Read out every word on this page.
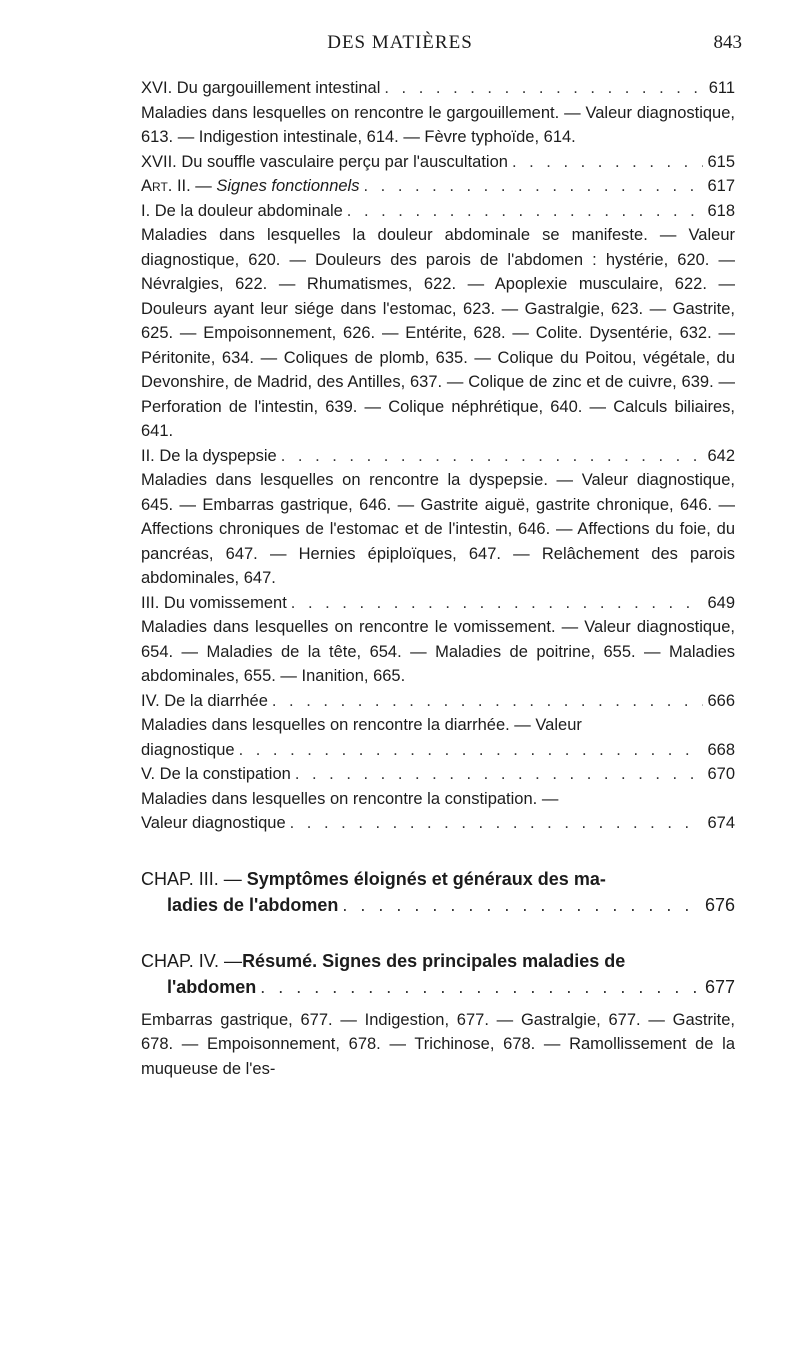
DES MATIÈRES	843
XVI. Du gargouillement intestinal . . .	611
Maladies dans lesquelles on rencontre le gargouillement. — Valeur diagnostique, 613. — Indigestion intestinale, 614. — Fèvre typhoïde, 614.
XVII. Du souffle vasculaire perçu par l'auscultation . . .	615
Art. II. — Signes fonctionnels . . .	617
I. De la douleur abdominale . . .	618
Maladies dans lesquelles la douleur abdominale se manifeste. — Valeur diagnostique, 620. — Douleurs des parois de l'abdomen : hystérie, 620. — Névralgies, 622. — Rhumatismes, 622. — Apoplexie musculaire, 622. — Douleurs ayant leur siége dans l'estomac, 623. — Gastralgie, 623. — Gastrite, 625. — Empoisonnement, 626. — Entérite, 628. — Colite. Dysentérie, 632. — Péritonite, 634. — Coliques de plomb, 635. — Colique du Poitou, végétale, du Devonshire, de Madrid, des Antilles, 637. — Colique de zinc et de cuivre, 639. — Perforation de l'intestin, 639. — Colique néphrétique, 640. — Calculs biliaires, 641.
II. De la dyspepsie . . .	642
Maladies dans lesquelles on rencontre la dyspepsie. — Valeur diagnostique, 645. — Embarras gastrique, 646. — Gastrite aiguë, gastrite chronique, 646. — Affections chroniques de l'estomac et de l'intestin, 646. — Affections du foie, du pancréas, 647. — Hernies épiploïques, 647. — Relâchement des parois abdominales, 647.
III. Du vomissement . . .	649
Maladies dans lesquelles on rencontre le vomissement. — Valeur diagnostique, 654. — Maladies de la tête, 654. — Maladies de poitrine, 655. — Maladies abdominales, 655. — Inanition, 665.
IV. De la diarrhée . . .	666
Maladies dans lesquelles on rencontre la diarrhée. — Valeur
diagnostique . . .	668
V. De la constipation . . .	670
Maladies dans lesquelles on rencontre la constipation. —
Valeur diagnostique . . .	674
CHAP. III. — Symptômes éloignés et généraux des ma-
ladies de l'abdomen . . .	676
CHAP. IV. —Résumé. Signes des principales maladies de
l'abdomen . . .	677
Embarras gastrique, 677. — Indigestion, 677. — Gastralgie, 677. — Gastrite, 678. — Empoisonnement, 678. — Trichinose, 678. — Ramollissement de la muqueuse de l'es-
